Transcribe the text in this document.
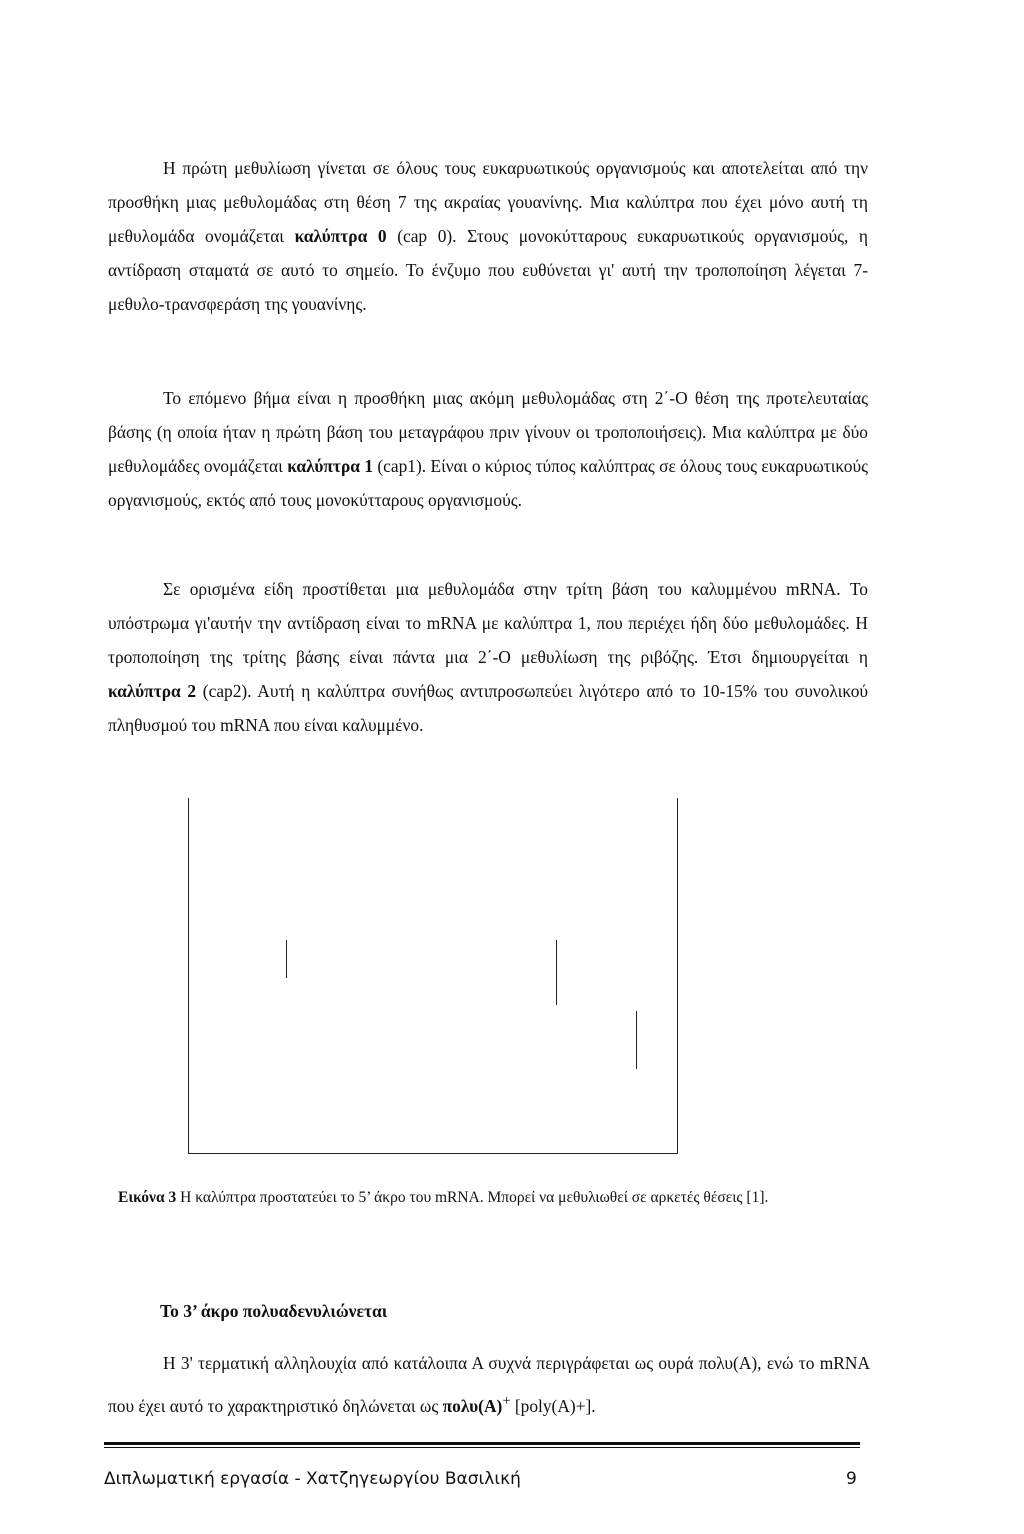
Η πρώτη μεθυλίωση γίνεται σε όλους τους ευκαρυωτικούς οργανισμούς και αποτελείται από την προσθήκη μιας μεθυλομάδας στη θέση 7 της ακραίας γουανίνης. Μια καλύπτρα που έχει μόνο αυτή τη μεθυλομάδα ονομάζεται καλύπτρα 0 (cap 0). Στους μονοκύτταρους ευκαρυωτικούς οργανισμούς, η αντίδραση σταματά σε αυτό το σημείο. Το ένζυμο που ευθύνεται γι' αυτή την τροποποίηση λέγεται 7-μεθυλο-τρανσφεράση της γουανίνης.

Το επόμενο βήμα είναι η προσθήκη μιας ακόμη μεθυλομάδας στη 2΄-O θέση της προτελευταίας βάσης (η οποία ήταν η πρώτη βάση του μεταγράφου πριν γίνουν οι τροποποιήσεις). Μια καλύπτρα με δύο μεθυλομάδες ονομάζεται καλύπτρα 1 (cap1). Είναι ο κύριος τύπος καλύπτρας σε όλους τους ευκαρυωτικούς οργανισμούς, εκτός από τους μονοκύτταρους οργανισμούς.

Σε ορισμένα είδη προστίθεται μια μεθυλομάδα στην τρίτη βάση του καλυμμένου mRNA. Το υπόστρωμα γι'αυτήν την αντίδραση είναι το mRNA με καλύπτρα 1, που περιέχει ήδη δύο μεθυλομάδες. Η τροποποίηση της τρίτης βάσης είναι πάντα μια 2΄-O μεθυλίωση της ριβόζης. Έτσι δημιουργείται η καλύπτρα 2 (cap2). Αυτή η καλύπτρα συνήθως αντιπροσωπεύει λιγότερο από το 10-15% του συνολικού πληθυσμού του mRNA που είναι καλυμμένο.

Εικόνα 3 Η καλύπτρα προστατεύει το 5’ άκρο του mRNA. Μπορεί να μεθυλιωθεί σε αρκετές θέσεις [1].

Το 3’ άκρο πολυαδενυλιώνεται

Η 3' τερματική αλληλουχία από κατάλοιπα Α συχνά περιγράφεται ως ουρά πολυ(Α), ενώ το mRNA που έχει αυτό το χαρακτηριστικό δηλώνεται ως πολυ(Α)+ [poly(A)+].

Διπλωματική εργασία - Χατζηγεωργίου Βασιλική	9
